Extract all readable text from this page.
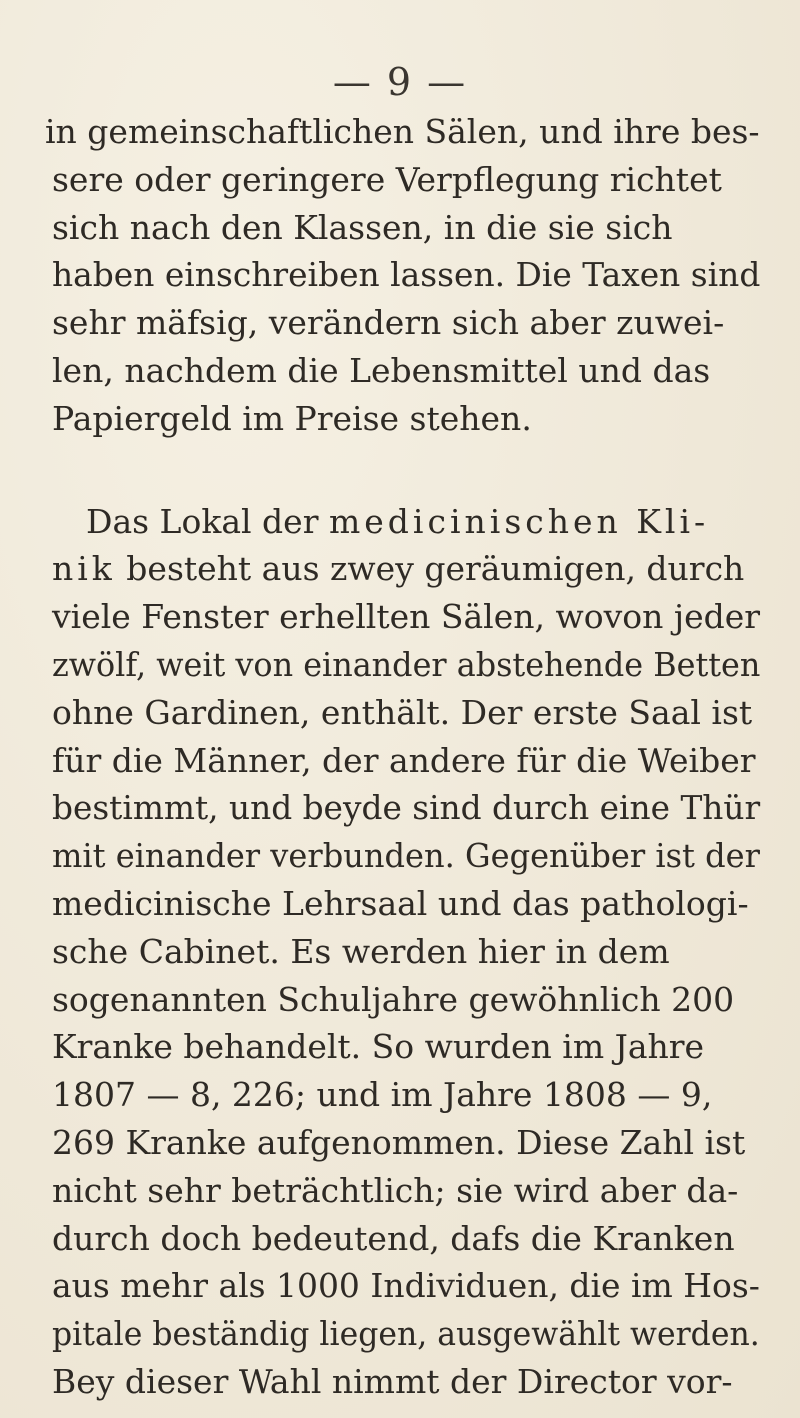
— 9 —
in gemeinschaftlichen Sälen, und ihre bes-
sere oder geringere Verpflegung richtet
sich nach den Klassen, in die sie sich
haben einschreiben lassen. Die Taxen sind
sehr mäfsig, verändern sich aber zuwei-
len, nachdem die Lebensmittel und das
Papiergeld im Preise stehen.
Das Lokal der medicinischen Kli-
nik besteht aus zwey geräumigen, durch
viele Fenster erhellten Sälen, wovon jeder
zwölf, weit von einander abstehende Betten
ohne Gardinen, enthält. Der erste Saal ist
für die Männer, der andere für die Weiber
bestimmt, und beyde sind durch eine Thür
mit einander verbunden. Gegenüber ist der
medicinische Lehrsaal und das pathologi-
sche Cabinet. Es werden hier in dem
sogenannten Schuljahre gewöhnlich 200
Kranke behandelt. So wurden im Jahre
1807 — 8, 226; und im Jahre 1808 — 9,
269 Kranke aufgenommen. Diese Zahl ist
nicht sehr beträchtlich; sie wird aber da-
durch doch bedeutend, dafs die Kranken
aus mehr als 1000 Individuen, die im Hos-
pitale beständig liegen, ausgewählt werden.
Bey dieser Wahl nimmt der Director vor-
